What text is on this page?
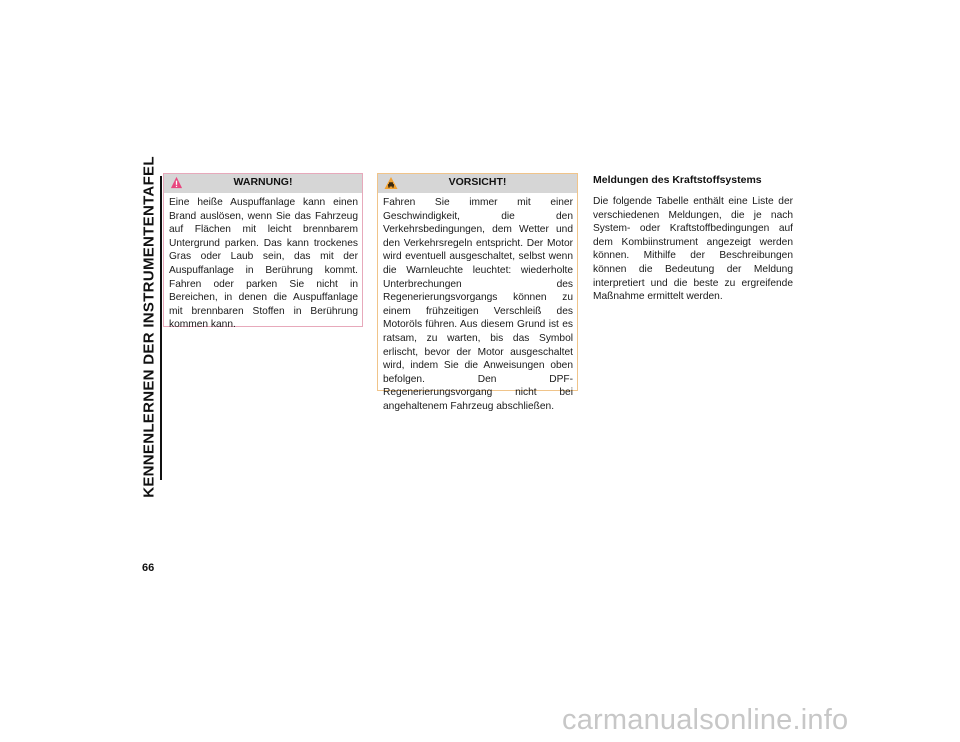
KENNENLERNEN DER INSTRUMENTENTAFEL
66
WARNUNG!
Eine heiße Auspuffanlage kann einen Brand auslösen, wenn Sie das Fahrzeug auf Flächen mit leicht brennbarem Untergrund parken. Das kann trockenes Gras oder Laub sein, das mit der Auspuffanlage in Berührung kommt. Fahren oder parken Sie nicht in Bereichen, in denen die Auspuffanlage mit brennbaren Stoffen in Berührung kommen kann.
VORSICHT!
Fahren Sie immer mit einer Geschwindigkeit, die den Verkehrsbedingungen, dem Wetter und den Verkehrsregeln entspricht. Der Motor wird eventuell ausgeschaltet, selbst wenn die Warnleuchte leuchtet: wiederholte Unterbrechungen des Regenerierungsvorgangs können zu einem frühzeitigen Verschleiß des Motoröls führen. Aus diesem Grund ist es ratsam, zu warten, bis das Symbol erlischt, bevor der Motor ausgeschaltet wird, indem Sie die Anweisungen oben befolgen. Den DPF-Regenerierungsvorgang nicht bei angehaltenem Fahrzeug abschließen.
Meldungen des Kraftstoffsystems
Die folgende Tabelle enthält eine Liste der verschiedenen Meldungen, die je nach System- oder Kraftstoffbedingungen auf dem Kombiinstrument angezeigt werden können. Mithilfe der Beschreibungen können die Bedeutung der Meldung interpretiert und die beste zu ergreifende Maßnahme ermittelt werden.
carmanualsonline.info
